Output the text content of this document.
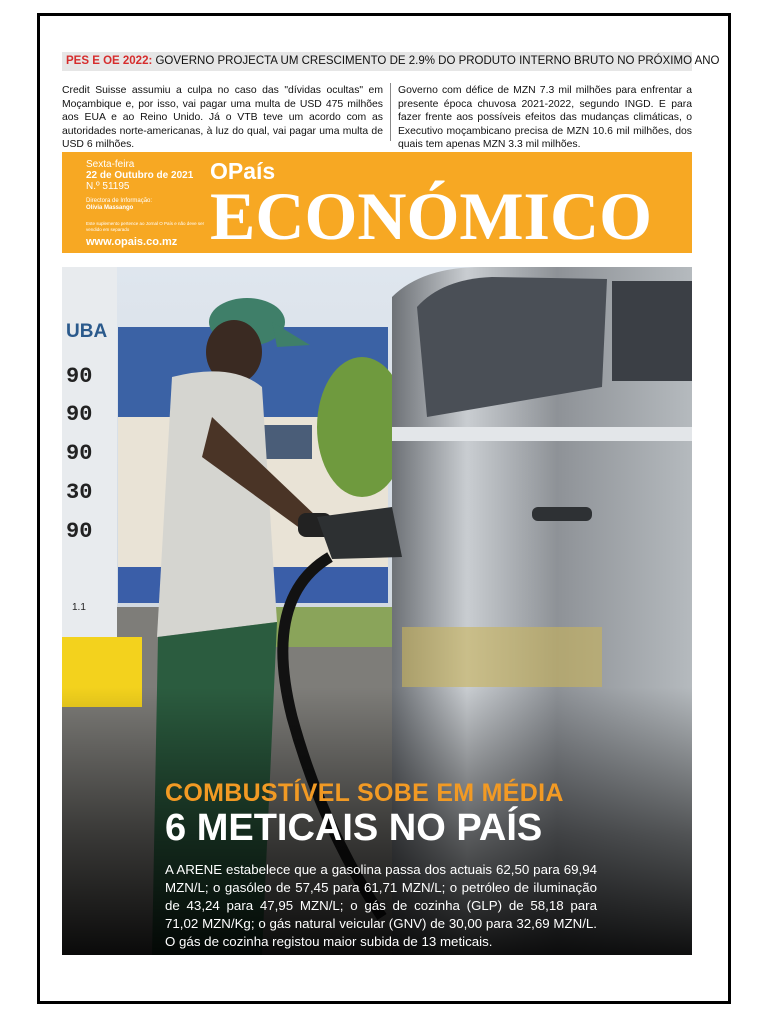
PES E OE 2022: GOVERNO PROJECTA UM CRESCIMENTO DE 2.9% DO PRODUTO INTERNO BRUTO NO PRÓXIMO ANO
Credit Suisse assumiu a culpa no caso das "dívidas ocultas" em Moçambique e, por isso, vai pagar uma multa de USD 475 milhões aos EUA e ao Reino Unido. Já o VTB teve um acordo com as autoridades norte-americanas, à luz do qual, vai pagar uma multa de USD 6 milhões.
Governo com défice de MZN 7.3 mil milhões para enfrentar a presente época chuvosa 2021-2022, segundo INGD. E para fazer frente aos possíveis efeitos das mudanças climáticas, o Executivo moçambicano precisa de MZN 10.6 mil milhões, dos quais tem apenas MZN 3.3 mil milhões.
Sexta-feira
22 de Outubro de 2021
N.º 51195
Directora de Informação:
Olívia Massango
Este suplemento pertence ao Jornal O País e não deve ser vendido em separado
www.opais.co.mz
OPaís
ECONÓMICO
UBA
90
90
90
30
90
1.1
COMBUSTÍVEL SOBE EM MÉDIA
6 METICAIS NO PAÍS
A ARENE estabelece que a gasolina passa dos actuais 62,50 para 69,94 MZN/L; o gasóleo de 57,45 para 61,71 MZN/L; o petróleo de iluminação de 43,24 para 47,95 MZN/L; o gás de cozinha (GLP) de 58,18 para 71,02 MZN/Kg; o gás natural veicular (GNV) de 30,00 para 32,69 MZN/L. O gás de cozinha registou maior subida de 13 meticais.
